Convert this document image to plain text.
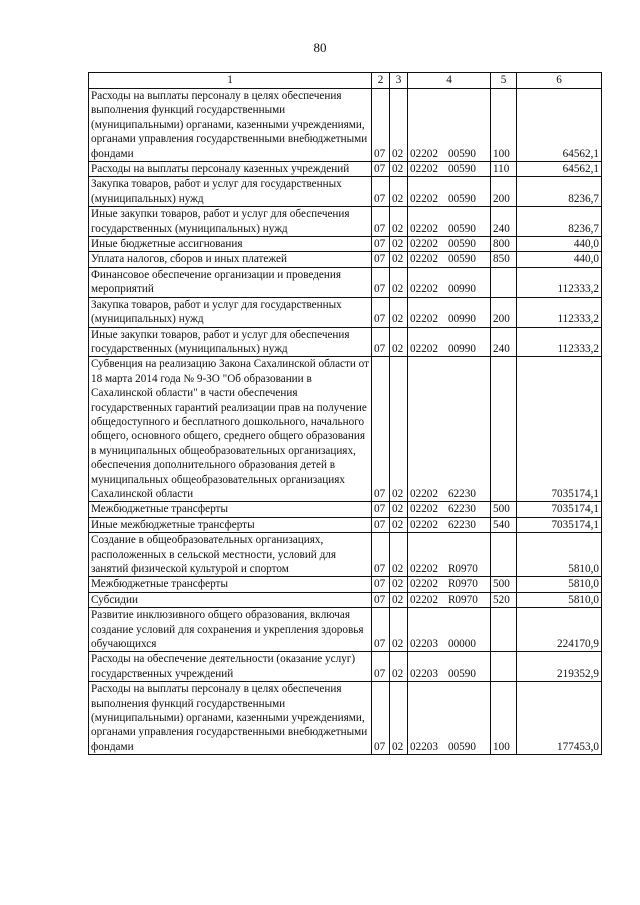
80
1	2	3	4	5	6
Расходы на выплаты персоналу в целях обеспечения выполнения функций государственными (муниципальными) органами, казенными учреждениями, органами управления государственными внебюджетными фондами	07	02	02202 00590	100	64562,1
Расходы на выплаты персоналу казенных учреждений	07	02	02202 00590	110	64562,1
Закупка товаров, работ и услуг для государственных (муниципальных) нужд	07	02	02202 00590	200	8236,7
Иные закупки товаров, работ и услуг для обеспечения государственных (муниципальных) нужд	07	02	02202 00590	240	8236,7
Иные бюджетные ассигнования	07	02	02202 00590	800	440,0
Уплата налогов, сборов и иных платежей	07	02	02202 00590	850	440,0
Финансовое обеспечение организации и проведения мероприятий	07	02	02202 00990		112333,2
Закупка товаров, работ и услуг для государственных (муниципальных) нужд	07	02	02202 00990	200	112333,2
Иные закупки товаров, работ и услуг для обеспечения государственных (муниципальных) нужд	07	02	02202 00990	240	112333,2
Субвенция на реализацию Закона Сахалинской области от 18 марта 2014 года № 9-ЗО "Об образовании в Сахалинской области" в части обеспечения государственных гарантий реализации прав на получение общедоступного и бесплатного дошкольного, начального общего, основного общего, среднего общего образования в муниципальных общеобразовательных организациях, обеспечения дополнительного образования детей в муниципальных общеобразовательных организациях Сахалинской области	07	02	02202 62230		7035174,1
Межбюджетные трансферты	07	02	02202 62230	500	7035174,1
Иные межбюджетные трансферты	07	02	02202 62230	540	7035174,1
Создание в общеобразовательных организациях, расположенных в сельской местности, условий для занятий физической культурой и спортом	07	02	02202 R0970		5810,0
Межбюджетные трансферты	07	02	02202 R0970	500	5810,0
Субсидии	07	02	02202 R0970	520	5810,0
Развитие инклюзивного общего образования, включая создание условий для сохранения и укрепления здоровья обучающихся	07	02	02203 00000		224170,9
Расходы на обеспечение деятельности (оказание услуг) государственных учреждений	07	02	02203 00590		219352,9
Расходы на выплаты персоналу в целях обеспечения выполнения функций государственными (муниципальными) органами, казенными учреждениями, органами управления государственными внебюджетными фондами	07	02	02203 00590	100	177453,0
